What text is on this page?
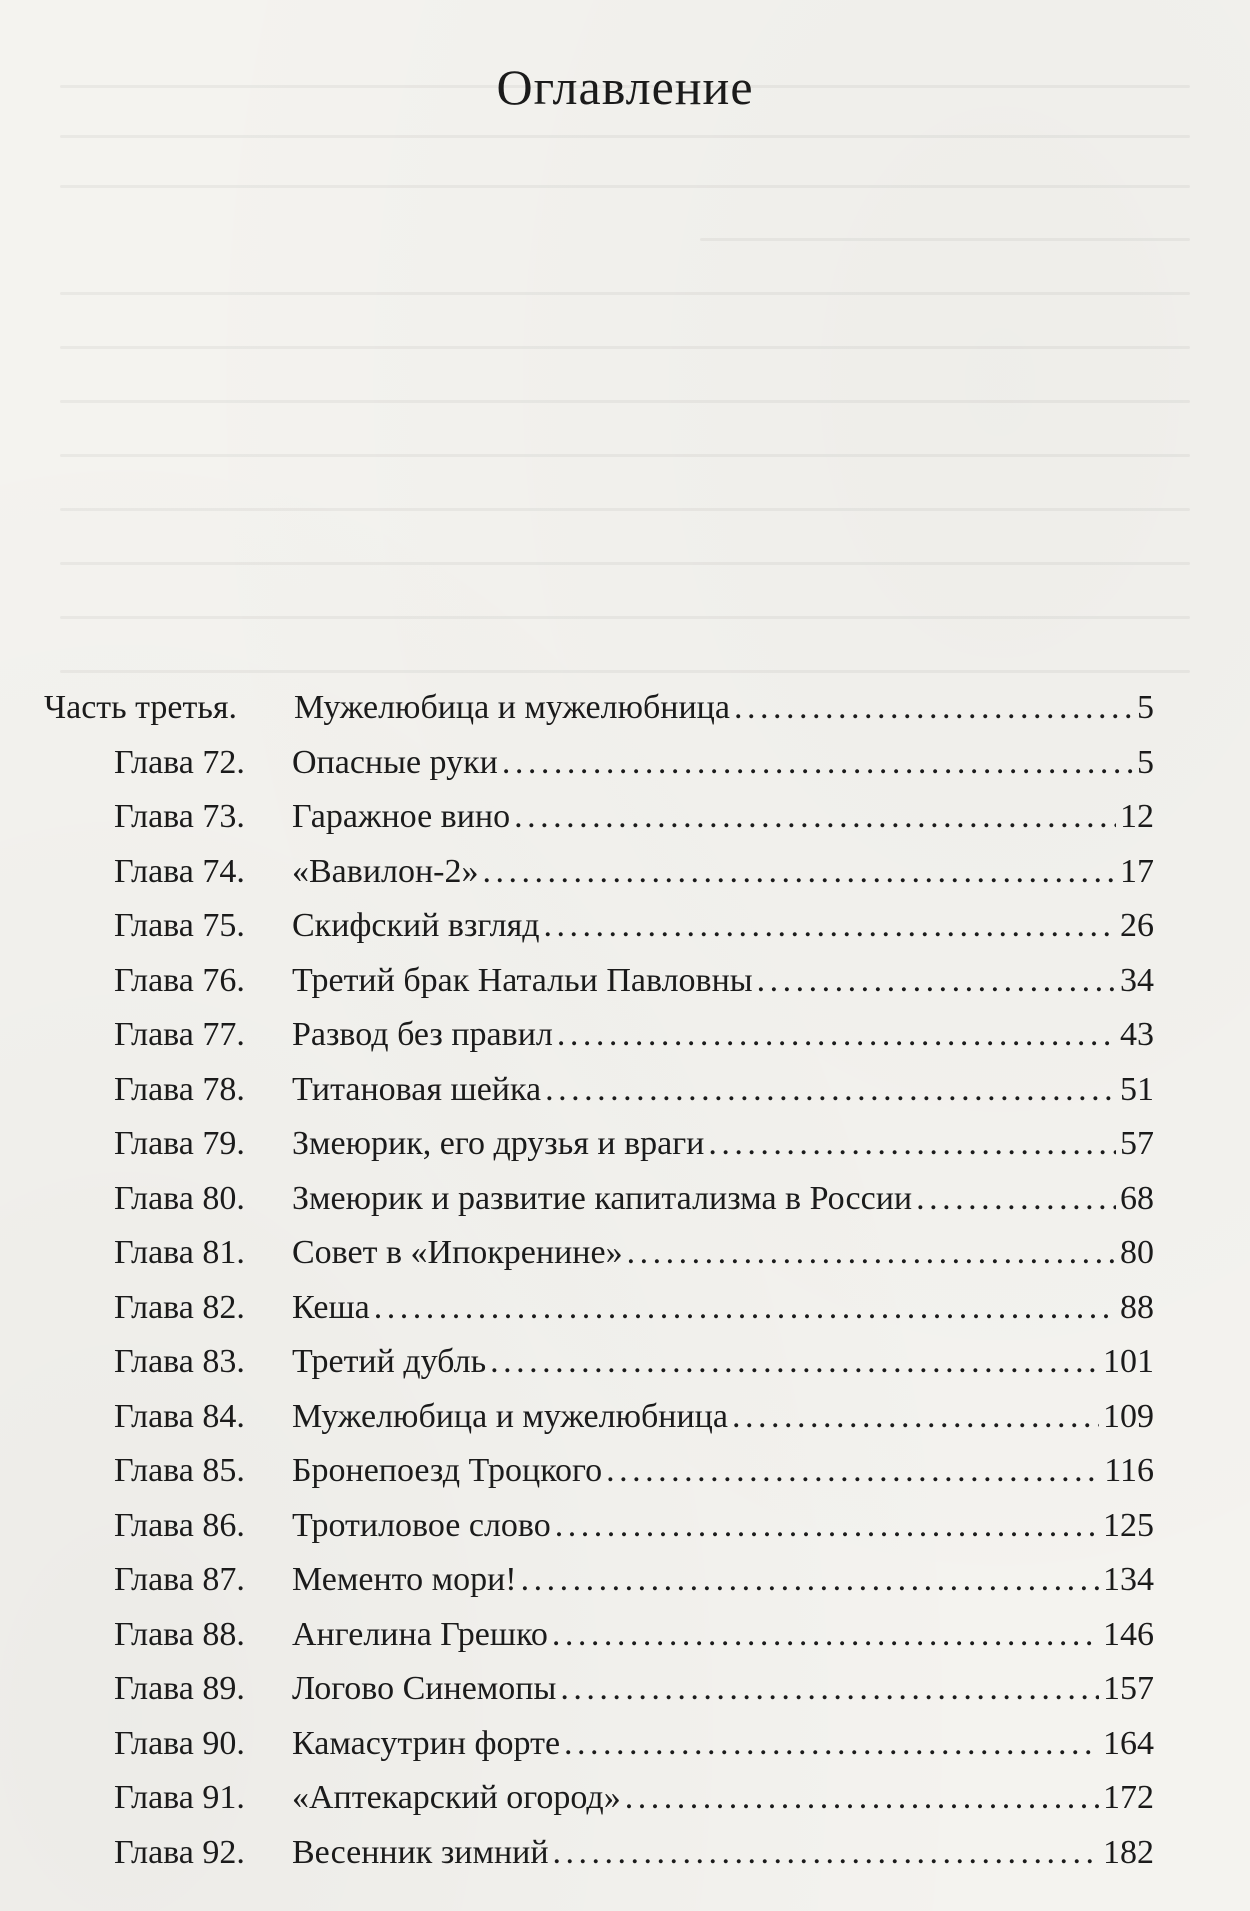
Оглавление
Часть третья.	Мужелюбица и мужелюбница . . .	5
Глава 72.	Опасные руки . . .	5
Глава 73.	Гаражное вино . . .	12
Глава 74.	«Вавилон-2» . . .	17
Глава 75.	Скифский взгляд . . .	26
Глава 76.	Третий брак Натальи Павловны . . .	34
Глава 77.	Развод без правил . . .	43
Глава 78.	Титановая шейка . . .	51
Глава 79.	Змеюрик, его друзья и враги . . .	57
Глава 80.	Змеюрик и развитие капитализма в России . . .	68
Глава 81.	Совет в «Ипокренине» . . .	80
Глава 82.	Кеша . . .	88
Глава 83.	Третий дубль . . .	101
Глава 84.	Мужелюбица и мужелюбница . . .	109
Глава 85.	Бронепоезд Троцкого . . .	116
Глава 86.	Тротиловое слово . . .	125
Глава 87.	Мементо мори! . . .	134
Глава 88.	Ангелина Грешко . . .	146
Глава 89.	Логово Синемопы . . .	157
Глава 90.	Камасутрин форте . . .	164
Глава 91.	«Аптекарский огород» . . .	172
Глава 92.	Весенник зимний . . .	182
